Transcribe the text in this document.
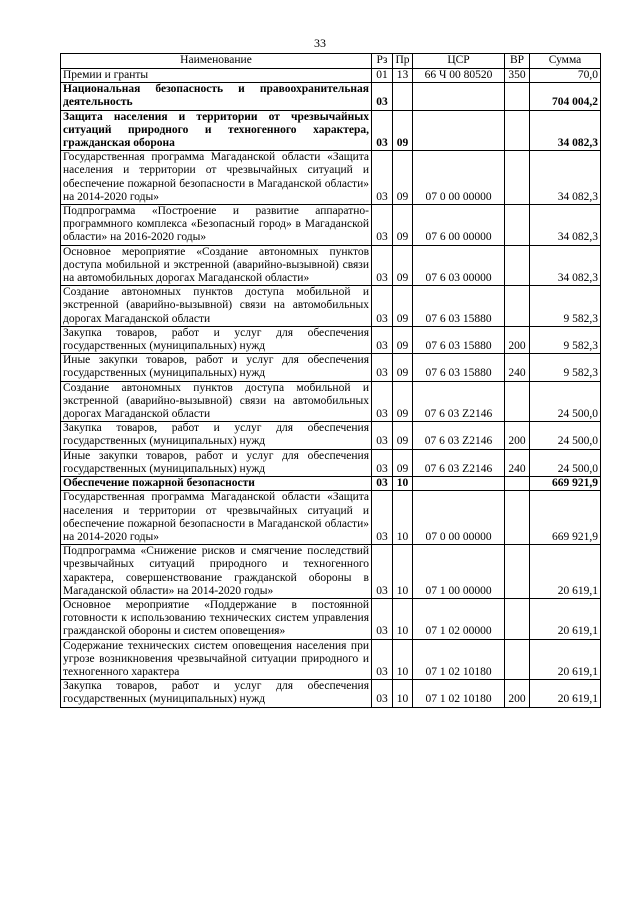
33
Наименование	Рз	Пр	ЦСР	ВР	Сумма
Премии и гранты	01	13	66 Ч 00 80520	350	70,0
Национальная безопасность и правоохранительная деятельность	03				704 004,2
Защита населения и территории от чрезвычайных ситуаций природного и техногенного характера, гражданская оборона	03	09			34 082,3
Государственная программа Магаданской области «Защита населения и территории от чрезвычайных ситуаций и обеспечение пожарной безопасности в Магаданской области» на 2014-2020 годы»	03	09	07 0 00 00000		34 082,3
Подпрограмма «Построение и развитие аппаратно-программного комплекса «Безопасный город» в Магаданской области» на 2016-2020 годы»	03	09	07 6 00 00000		34 082,3
Основное мероприятие «Создание автономных пунктов доступа мобильной и экстренной (аварийно-вызывной) связи на автомобильных дорогах Магаданской области»	03	09	07 6 03 00000		34 082,3
Создание автономных пунктов доступа мобильной и экстренной (аварийно-вызывной) связи на автомобильных дорогах Магаданской области	03	09	07 6 03 15880		9 582,3
Закупка товаров, работ и услуг для обеспечения государственных (муниципальных) нужд	03	09	07 6 03 15880	200	9 582,3
Иные закупки товаров, работ и услуг для обеспечения государственных (муниципальных) нужд	03	09	07 6 03 15880	240	9 582,3
Создание автономных пунктов доступа мобильной и экстренной (аварийно-вызывной) связи на автомобильных дорогах Магаданской области	03	09	07 6 03 Z2146		24 500,0
Закупка товаров, работ и услуг для обеспечения государственных (муниципальных) нужд	03	09	07 6 03 Z2146	200	24 500,0
Иные закупки товаров, работ и услуг для обеспечения государственных (муниципальных) нужд	03	09	07 6 03 Z2146	240	24 500,0
Обеспечение пожарной безопасности	03	10			669 921,9
Государственная программа Магаданской области «Защита населения и территории от чрезвычайных ситуаций и обеспечение пожарной безопасности в Магаданской области» на 2014-2020 годы»	03	10	07 0 00 00000		669 921,9
Подпрограмма «Снижение рисков и смягчение последствий чрезвычайных ситуаций природного и техногенного характера, совершенствование гражданской обороны в Магаданской области» на 2014-2020 годы»	03	10	07 1 00 00000		20 619,1
Основное мероприятие «Поддержание в постоянной готовности к использованию технических систем управления гражданской обороны и систем оповещения»	03	10	07 1 02 00000		20 619,1
Содержание технических систем оповещения населения при угрозе возникновения чрезвычайной ситуации природного и техногенного характера	03	10	07 1 02 10180		20 619,1
Закупка товаров, работ и услуг для обеспечения государственных (муниципальных) нужд	03	10	07 1 02 10180	200	20 619,1
